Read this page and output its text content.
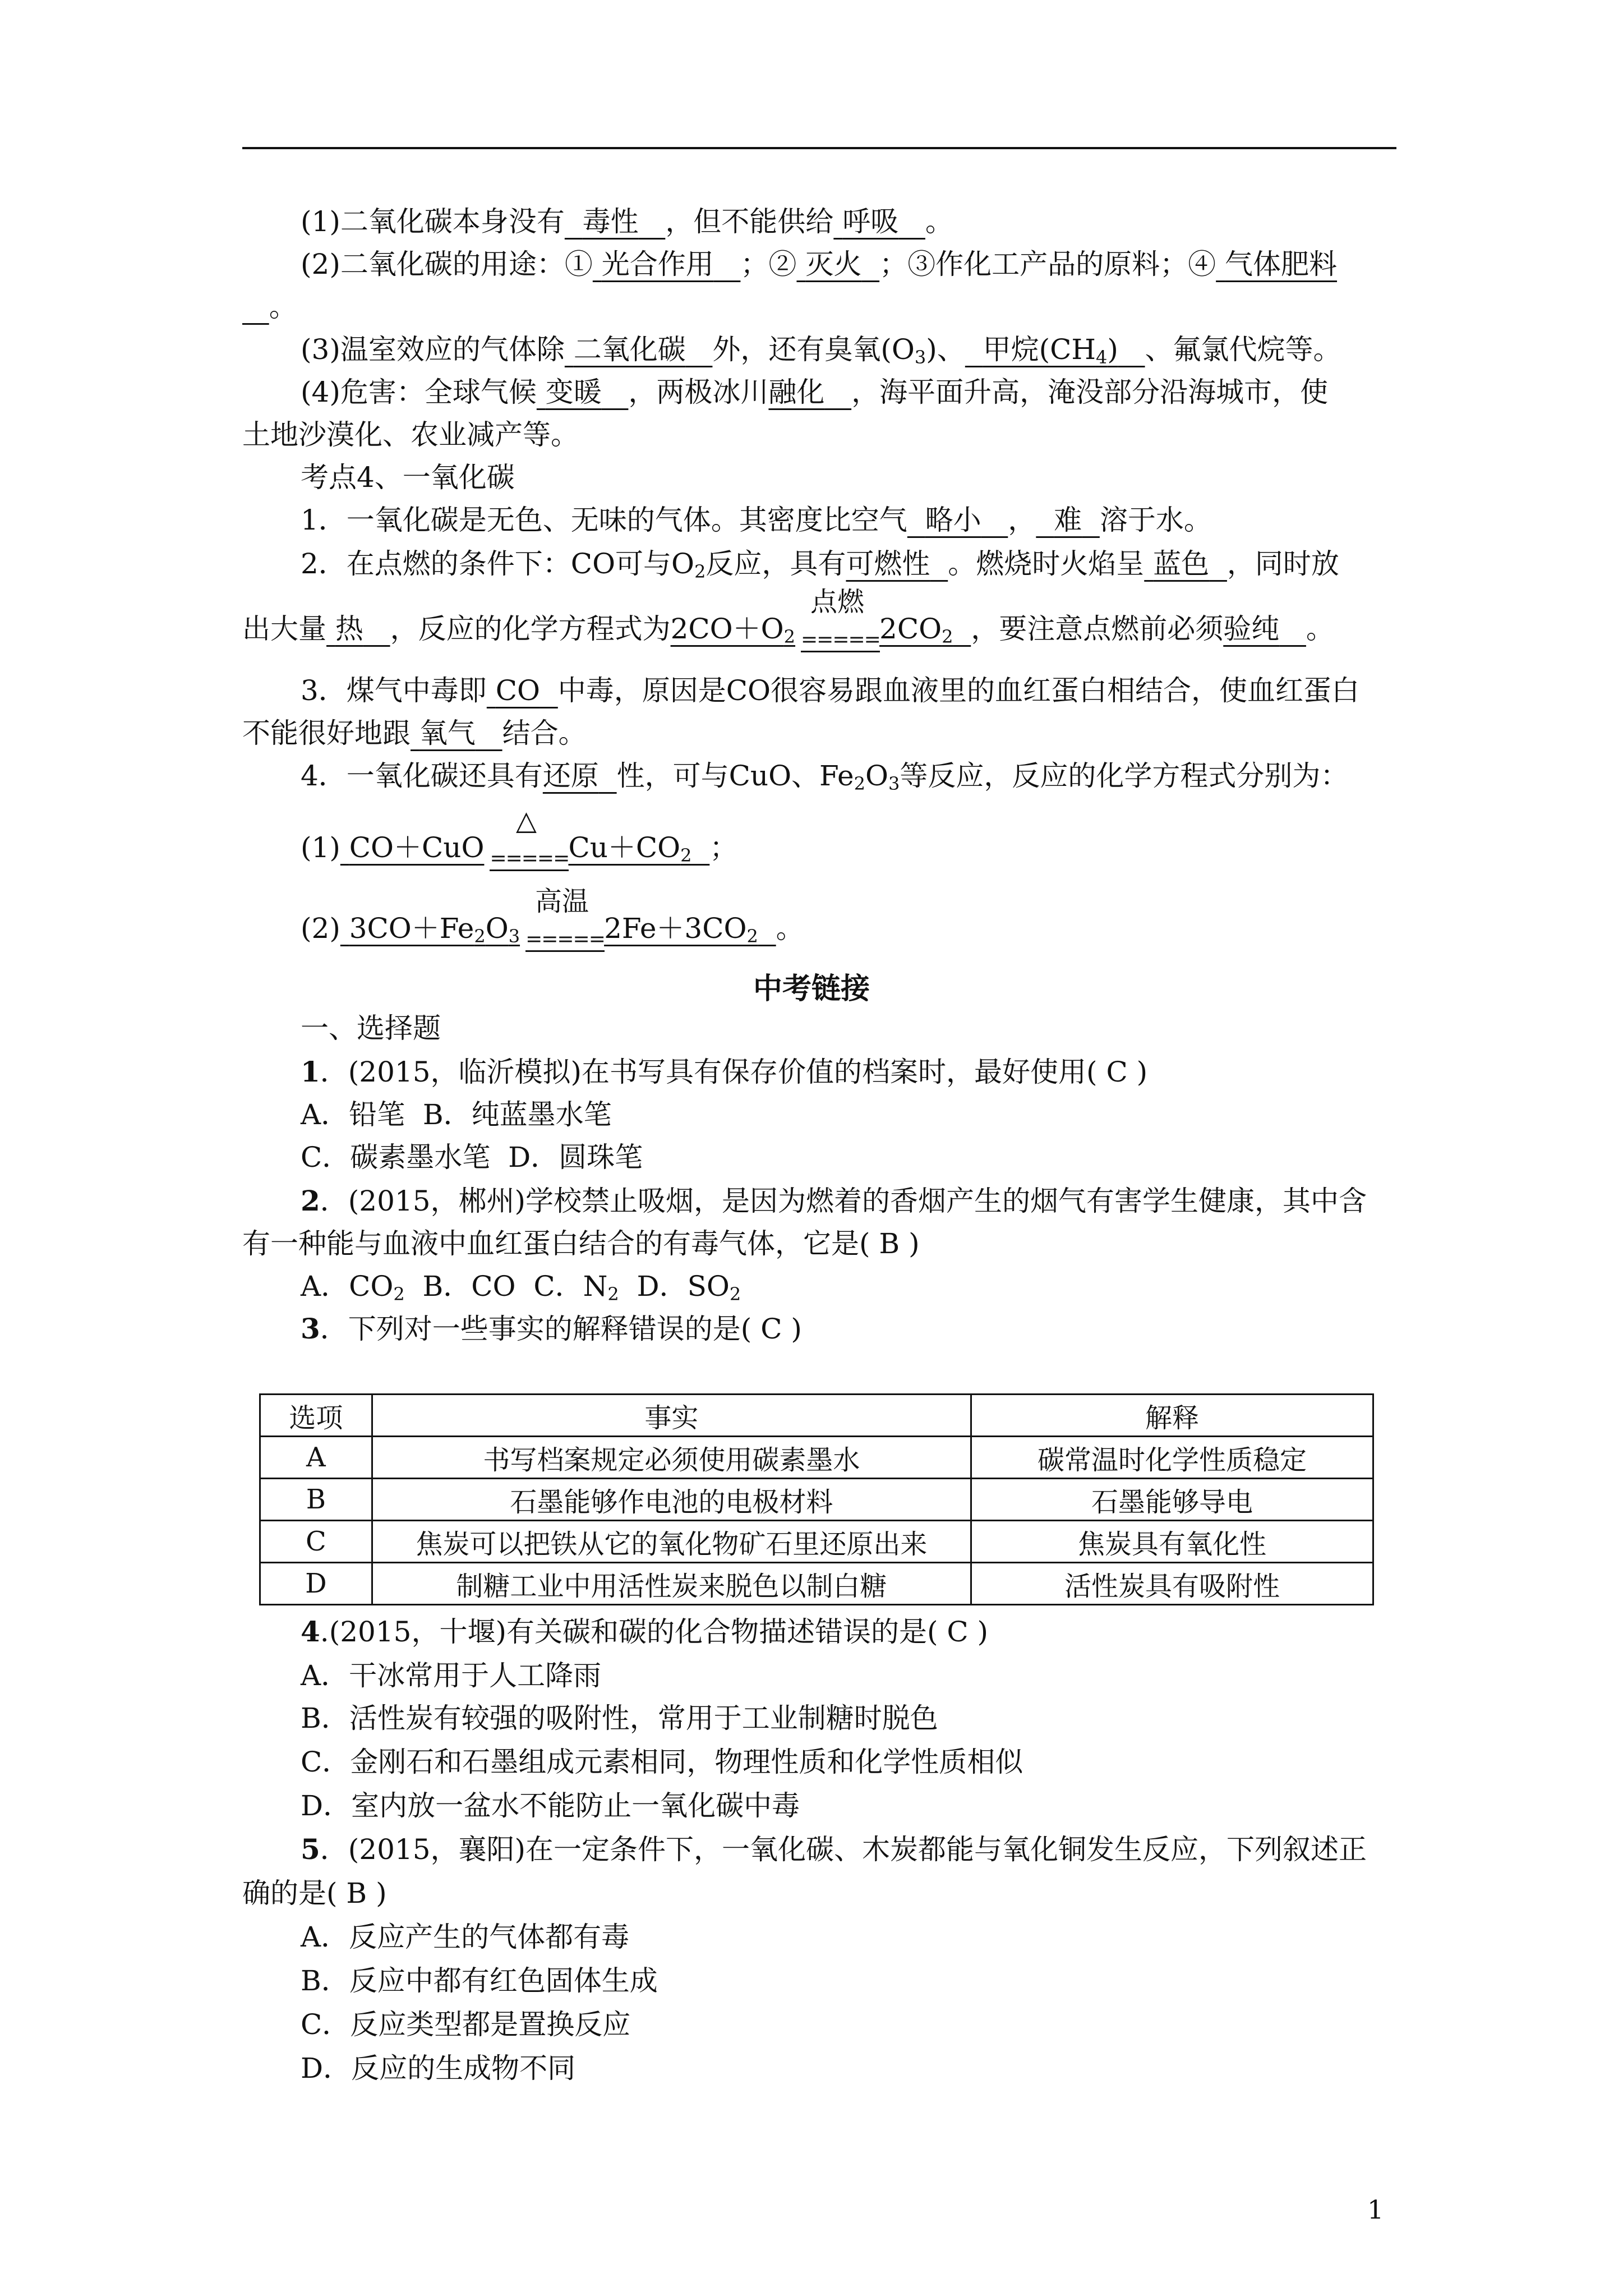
(1)二氧化碳本身没有 毒性 ，但不能供给 呼吸 。
(2)二氧化碳的用途：① 光合作用 ；② 灭火 ；③作化工产品的原料；④ 气体肥料
。
(3)温室效应的气体除 二氧化碳 外，还有臭氧$(O_3)$、 甲烷$(CH_4)$ 、氟氯代烷等。
(4)危害：全球气候 变暖 ，两极冰川融化 ，海平面升高，淹没部分沿海城市，使
土地沙漠化、农业减产等。
考点4、一氧化碳
1．一氧化碳是无色、无味的气体。其密度比空气 略小 ， 难 溶于水。
2．在点燃的条件下：CO可与$O_2$反应，具有可燃性 。燃烧时火焰呈 蓝色 ，同时放
出大量 热 ，反应的化学方程式为$2CO+O_2$
点燃
$=====2CO_2$ ，要注意点燃前必须验纯 。
3．煤气中毒即 CO 中毒，原因是CO很容易跟血液里的血红蛋白相结合，使血红蛋白
不能很好地跟 氧气 结合。
4．一氧化碳还具有还原 性，可与CuO、$Fe_2O_3$等反应，反应的化学方程式分别为：
(1) CO＋CuO
△
$=====Cu+CO_2$ ；
(2) $3CO+Fe_2O_3$
高温
$=====2Fe+3CO_2$ 。
中考链接
一、选择题
1．(2015，临沂模拟)在书写具有保存价值的档案时，最好使用( C )
A．铅笔 B．纯蓝墨水笔
C．碳素墨水笔 D．圆珠笔
2．(2015，郴州)学校禁止吸烟，是因为燃着的香烟产生的烟气有害学生健康，其中含
有一种能与血液中血红蛋白结合的有毒气体，它是( B )
A．$CO_2$ B．CO C．$N_2$ D．$SO_2$
3．下列对一些事实的解释错误的是( C )
选项	事实	解释
A	书写档案规定必须使用碳素墨水	碳常温时化学性质稳定
B	石墨能够作电池的电极材料	石墨能够导电
C	焦炭可以把铁从它的氧化物矿石里还原出来	焦炭具有氧化性
D	制糖工业中用活性炭来脱色以制白糖	活性炭具有吸附性
4.(2015，十堰)有关碳和碳的化合物描述错误的是( C )
A．干冰常用于人工降雨
B．活性炭有较强的吸附性，常用于工业制糖时脱色
C．金刚石和石墨组成元素相同，物理性质和化学性质相似
D．室内放一盆水不能防止一氧化碳中毒
5．(2015，襄阳)在一定条件下，一氧化碳、木炭都能与氧化铜发生反应，下列叙述正
确的是( B )
A．反应产生的气体都有毒
B．反应中都有红色固体生成
C．反应类型都是置换反应
D．反应的生成物不同
1
